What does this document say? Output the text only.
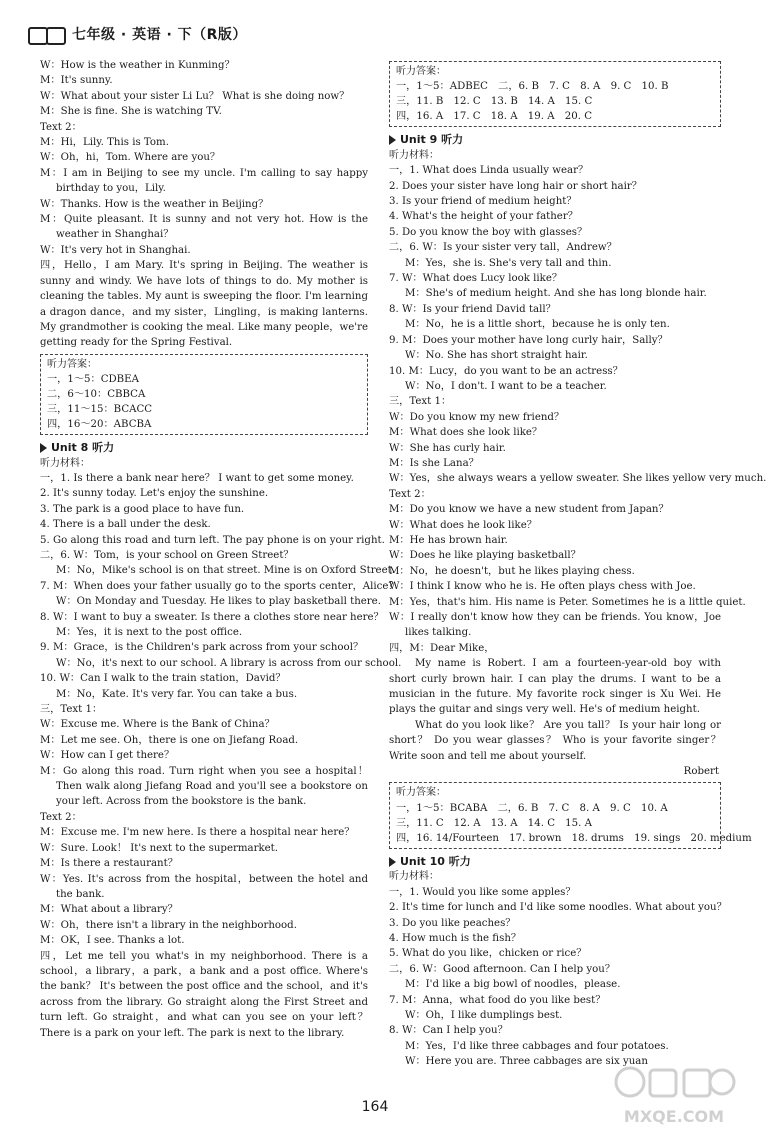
七年级 · 英语 · 下（R版）
W：How is the weather in Kunming？
M：It's sunny.
W：What about your sister Li Lu？ What is she doing now？
M：She is fine. She is watching TV.
Text 2：
M：Hi，Lily. This is Tom.
W：Oh，hi，Tom. Where are you？
M：I am in Beijing to see my uncle. I'm calling to say happy birthday to you，Lily.
W：Thanks. How is the weather in Beijing？
M：Quite pleasant. It is sunny and not very hot. How is the weather in Shanghai？
W：It's very hot in Shanghai.
四，Hello，I am Mary. It's spring in Beijing. The weather is sunny and windy. We have lots of things to do. My mother is cleaning the tables. My aunt is sweeping the floor. I'm learning a dragon dance，and my sister，Lingling，is making lanterns. My grandmother is cooking the meal. Like many people，we're getting ready for the Spring Festival.
听力答案：
一，1～5：CDBEA
二，6～10：CBBCA
三，11～15：BCACC
四，16～20：ABCBA
Unit 8 听力
听力材料：
一，1. Is there a bank near here？ I want to get some money.
2. It's sunny today. Let's enjoy the sunshine.
3. The park is a good place to have fun.
4. There is a ball under the desk.
5. Go along this road and turn left. The pay phone is on your right.
二，6. W：Tom，is your school on Green Street？
M：No，Mike's school is on that street. Mine is on Oxford Street.
7. M：When does your father usually go to the sports center，Alice？
W：On Monday and Tuesday. He likes to play basketball there.
8. W：I want to buy a sweater. Is there a clothes store near here？
M：Yes，it is next to the post office.
9. M：Grace，is the Children's park across from your school？
W：No，it's next to our school. A library is across from our school.
10. W：Can I walk to the train station，David？
M：No，Kate. It's very far. You can take a bus.
三，Text 1：
W：Excuse me. Where is the Bank of China？
M：Let me see. Oh，there is one on Jiefang Road.
W：How can I get there？
M：Go along this road. Turn right when you see a hospital！ Then walk along Jiefang Road and you'll see a bookstore on your left. Across from the bookstore is the bank.
Text 2：
M：Excuse me. I'm new here. Is there a hospital near here？
W：Sure. Look！ It's next to the supermarket.
M：Is there a restaurant？
W：Yes. It's across from the hospital，between the hotel and the bank.
M：What about a library？
W：Oh，there isn't a library in the neighborhood.
M：OK，I see. Thanks a lot.
四，Let me tell you what's in my neighborhood. There is a school，a library，a park，a bank and a post office. Where's the bank？ It's between the post office and the school，and it's across from the library. Go straight along the First Street and turn left. Go straight，and what can you see on your left？ There is a park on your left. The park is next to the library.
听力答案：
一，1～5：ADBEC　二，6. B　7. C　8. A　9. C　10. B
三，11. B　12. C　13. B　14. A　15. C
四，16. A　17. C　18. A　19. A　20. C
Unit 9 听力
听力材料：
一，1. What does Linda usually wear？
2. Does your sister have long hair or short hair？
3. Is your friend of medium height？
4. What's the height of your father？
5. Do you know the boy with glasses？
二，6. W：Is your sister very tall，Andrew？
M：Yes，she is. She's very tall and thin.
7. W：What does Lucy look like？
M：She's of medium height. And she has long blonde hair.
8. W：Is your friend David tall？
M：No，he is a little short，because he is only ten.
9. M：Does your mother have long curly hair，Sally？
W：No. She has short straight hair.
10. M：Lucy，do you want to be an actress？
W：No，I don't. I want to be a teacher.
三，Text 1：
W：Do you know my new friend？
M：What does she look like？
W：She has curly hair.
M：Is she Lana？
W：Yes，she always wears a yellow sweater. She likes yellow very much.
Text 2：
M：Do you know we have a new student from Japan？
W：What does he look like？
M：He has brown hair.
W：Does he like playing basketball？
M：No，he doesn't，but he likes playing chess.
W：I think I know who he is. He often plays chess with Joe.
M：Yes，that's him. His name is Peter. Sometimes he is a little quiet.
W：I really don't know how they can be friends. You know，Joe likes talking.
四，M：Dear Mike，
My name is Robert. I am a fourteen-year-old boy with short curly brown hair. I can play the drums. I want to be a musician in the future. My favorite rock singer is Xu Wei. He plays the guitar and sings very well. He's of medium height.
What do you look like？ Are you tall？ Is your hair long or short？ Do you wear glasses？ Who is your favorite singer？ Write soon and tell me about yourself.
Robert
听力答案：
一，1～5：BCABA　二，6. B　7. C　8. A　9. C　10. A
三，11. C　12. A　13. A　14. C　15. A
四，16. 14/Fourteen　17. brown　18. drums　19. sings　20. medium
Unit 10 听力
听力材料：
一，1. Would you like some apples？
2. It's time for lunch and I'd like some noodles. What about you？
3. Do you like peaches？
4. How much is the fish？
5. What do you like，chicken or rice？
二，6. W：Good afternoon. Can I help you？
M：I'd like a big bowl of noodles，please.
7. M：Anna，what food do you like best？
W：Oh，I like dumplings best.
8. W：Can I help you？
M：Yes，I'd like three cabbages and four potatoes.
W：Here you are. Three cabbages are six yuan
164	MXQE.COM
